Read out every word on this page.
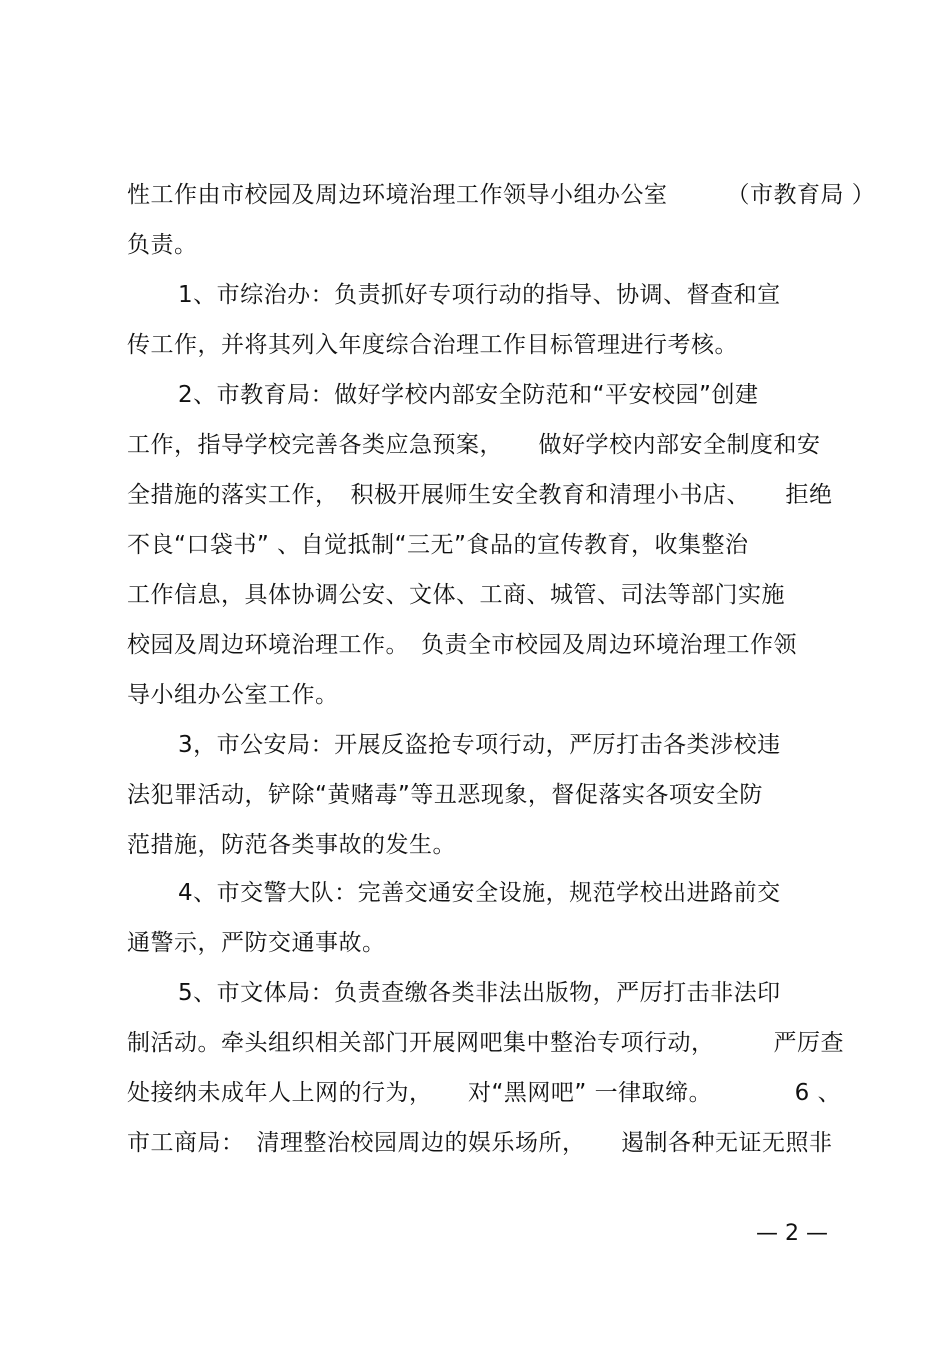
性工作由市校园及周边环境治理工作领导小组办公室　　　（市教育局 ）
负责。
1、市综治办：负责抓好专项行动的指导、协调、督查和宣
传工作，并将其列入年度综合治理工作目标管理进行考核。
2、市教育局：做好学校内部安全防范和“平安校园”创建
工作，指导学校完善各类应急预案，　　做好学校内部安全制度和安
全措施的落实工作，　积极开展师生安全教育和清理小书店、　　拒绝
不良“口袋书” 、自觉抵制“三无”食品的宣传教育，收集整治
工作信息，具体协调公安、文体、工商、城管、司法等部门实施
校园及周边环境治理工作。　负责全市校园及周边环境治理工作领
导小组办公室工作。
3，市公安局：开展反盗抢专项行动，严厉打击各类涉校违
法犯罪活动，铲除“黄赌毒”等丑恶现象，督促落实各项安全防
范措施，防范各类事故的发生。
4、市交警大队：完善交通安全设施，规范学校出进路前交
通警示，严防交通事故。
5、市文体局：负责查缴各类非法出版物，严厉打击非法印
制活动。牵头组织相关部门开展网吧集中整治专项行动，　　　严厉查
处接纳未成年人上网的行为，　　对“黑网吧” 一律取缔。　　　　6 、
市工商局：　清理整治校园周边的娱乐场所，　　遏制各种无证无照非
— 2 —
